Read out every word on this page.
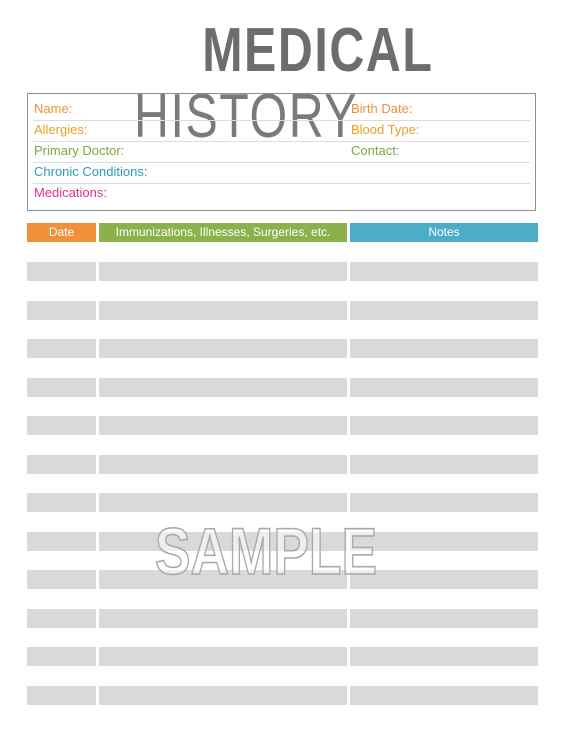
MEDICAL HISTORY
Name:	Birth Date:
Allergies:	Blood Type:
Primary Doctor:	Contact:
Chronic Conditions:
Medications:
Date	Immunizations, Illnesses, Surgeries, etc.	Notes
SAMPLE
